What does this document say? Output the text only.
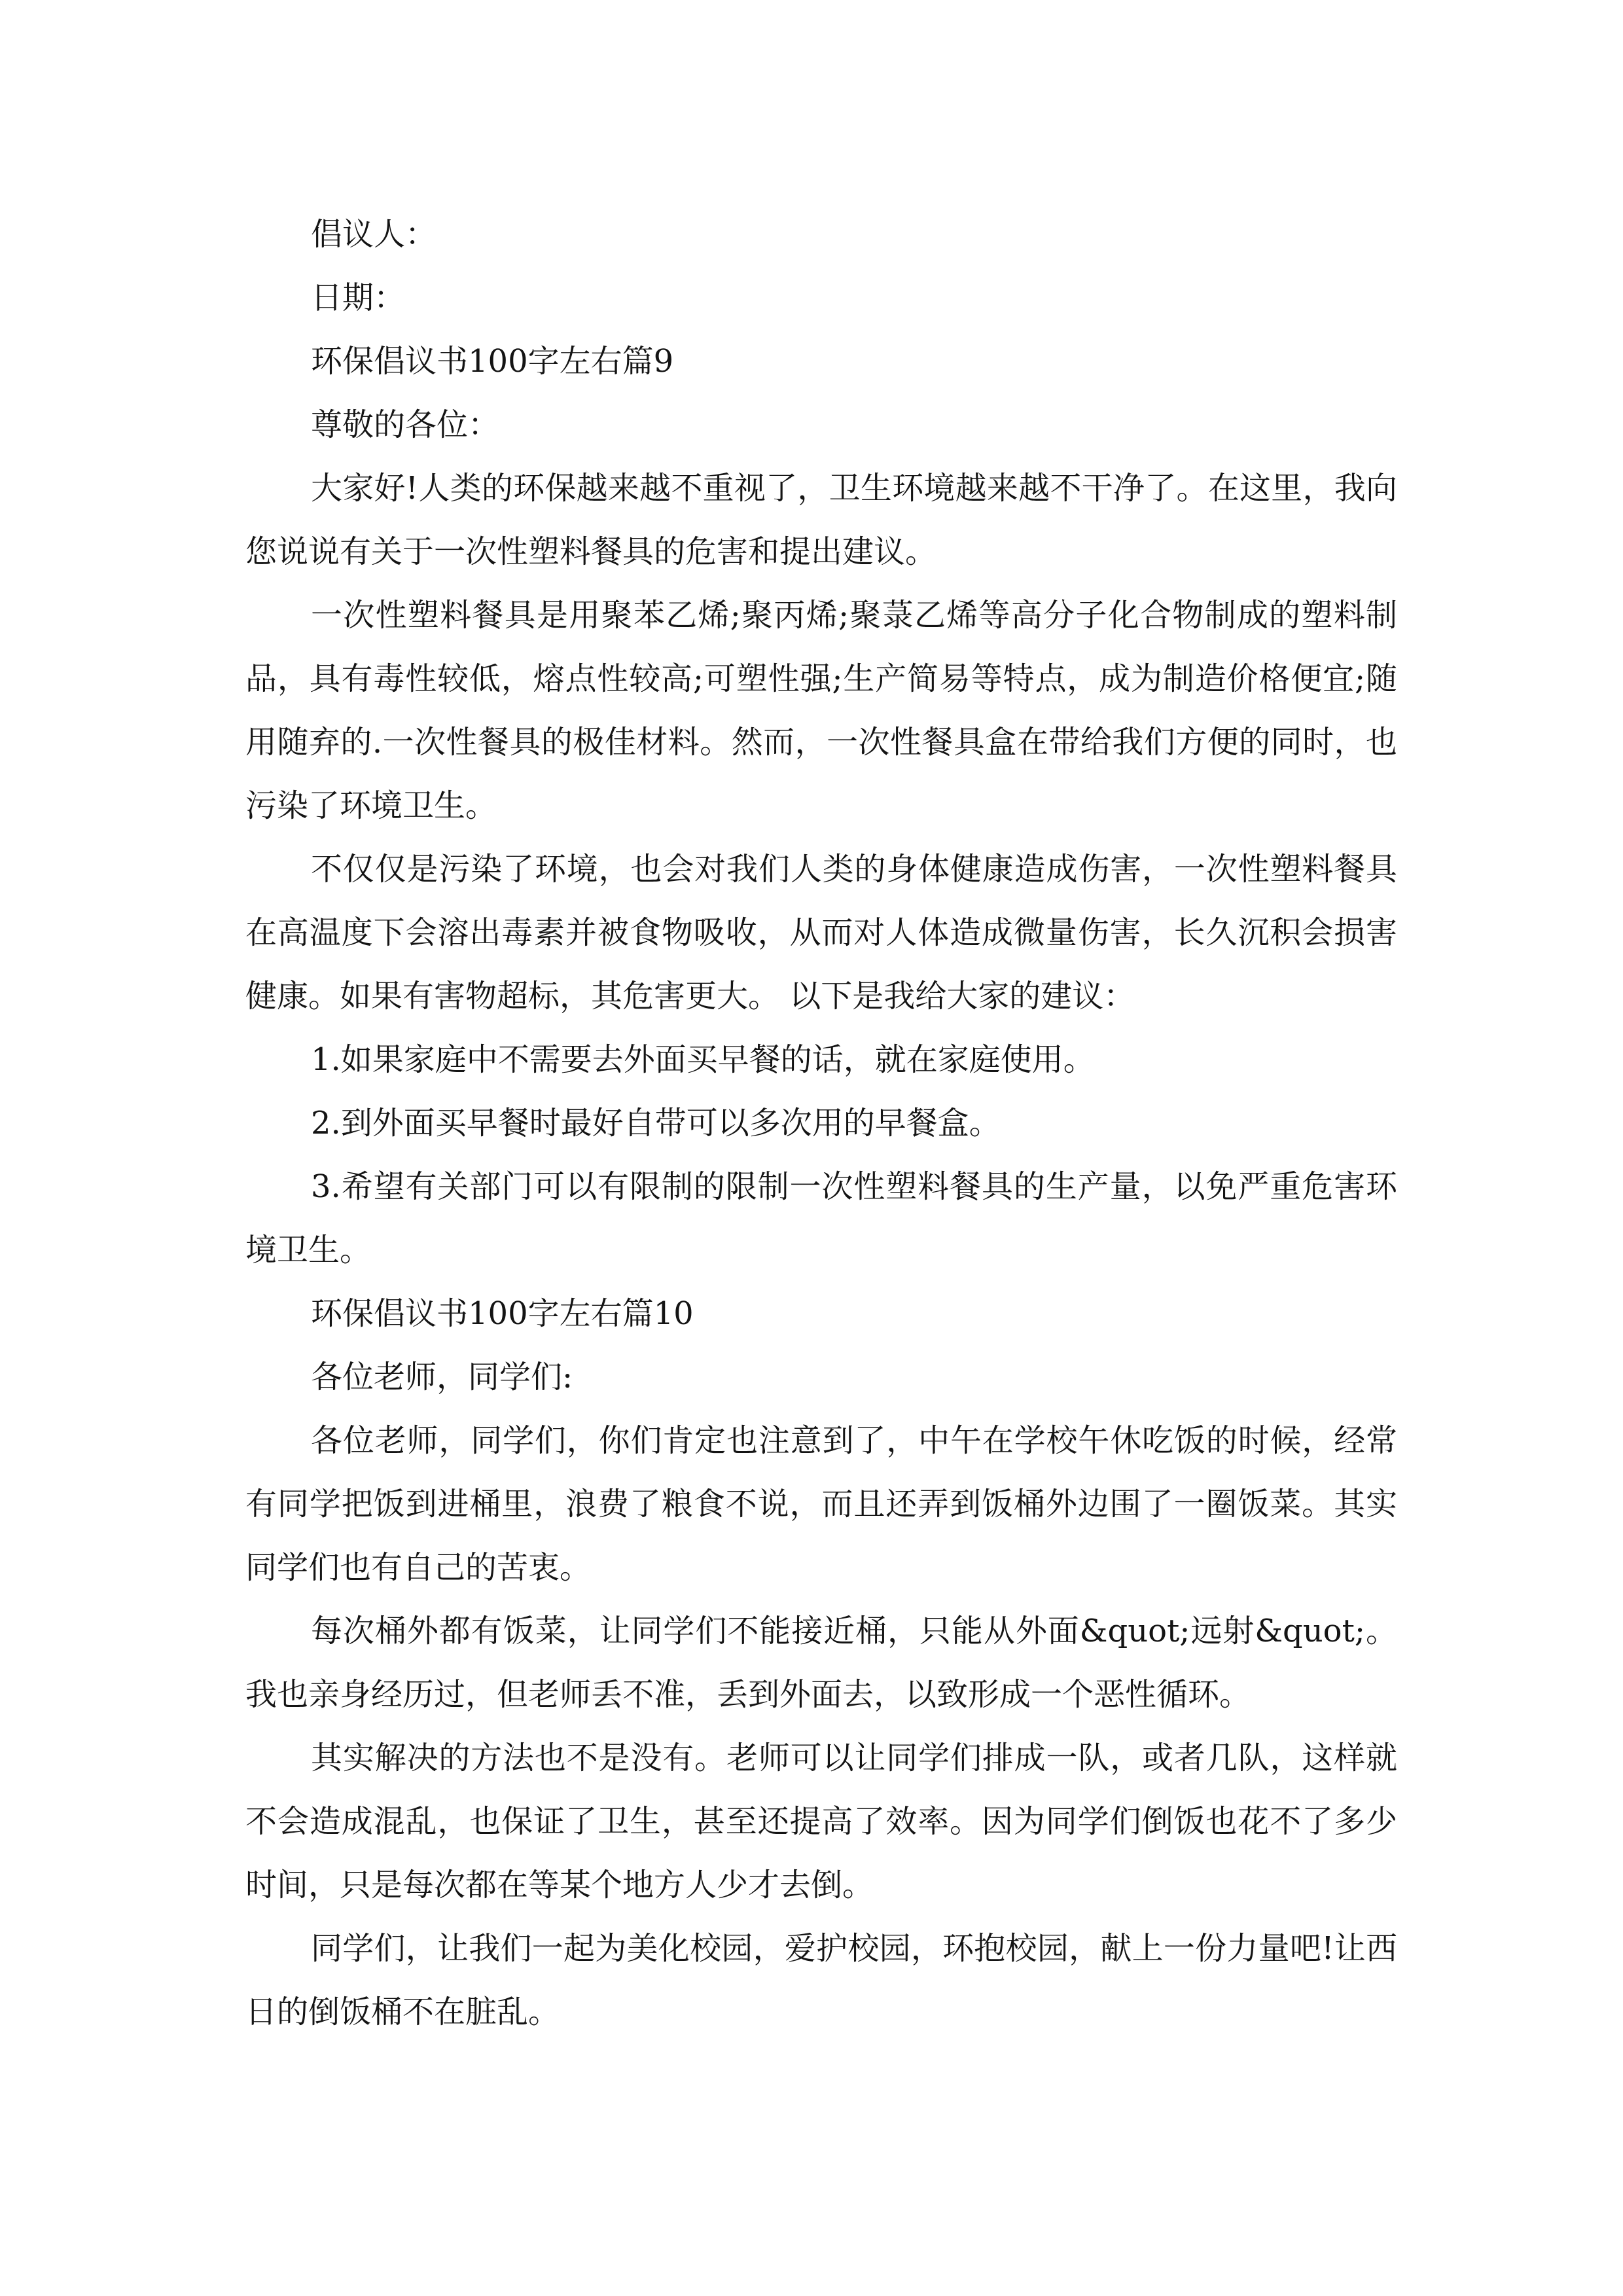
倡议人：

日期：

环保倡议书100字左右篇9

尊敬的各位：

大家好!人类的环保越来越不重视了，卫生环境越来越不干净了。在这里，我向您说说有关于一次性塑料餐具的危害和提出建议。

一次性塑料餐具是用聚苯乙烯;聚丙烯;聚菉乙烯等高分子化合物制成的塑料制品，具有毒性较低，熔点性较高;可塑性强;生产简易等特点，成为制造价格便宜;随用随弃的.一次性餐具的极佳材料。然而，一次性餐具盒在带给我们方便的同时，也污染了环境卫生。

不仅仅是污染了环境，也会对我们人类的身体健康造成伤害，一次性塑料餐具在高温度下会溶出毒素并被食物吸收，从而对人体造成微量伤害，长久沉积会损害健康。如果有害物超标，其危害更大。 以下是我给大家的建议：

1.如果家庭中不需要去外面买早餐的话，就在家庭使用。

2.到外面买早餐时最好自带可以多次用的早餐盒。

3.希望有关部门可以有限制的限制一次性塑料餐具的生产量，以免严重危害环境卫生。

环保倡议书100字左右篇10

各位老师，同学们:

各位老师，同学们，你们肯定也注意到了，中午在学校午休吃饭的时候，经常有同学把饭到进桶里，浪费了粮食不说，而且还弄到饭桶外边围了一圈饭菜。其实同学们也有自己的苦衷。

每次桶外都有饭菜，让同学们不能接近桶，只能从外面&quot;远射&quot;。我也亲身经历过，但老师丢不准，丢到外面去，以致形成一个恶性循环。

其实解决的方法也不是没有。老师可以让同学们排成一队，或者几队，这样就不会造成混乱，也保证了卫生，甚至还提高了效率。因为同学们倒饭也花不了多少时间，只是每次都在等某个地方人少才去倒。

同学们，让我们一起为美化校园，爱护校园，环抱校园，献上一份力量吧!让西日的倒饭桶不在脏乱。
